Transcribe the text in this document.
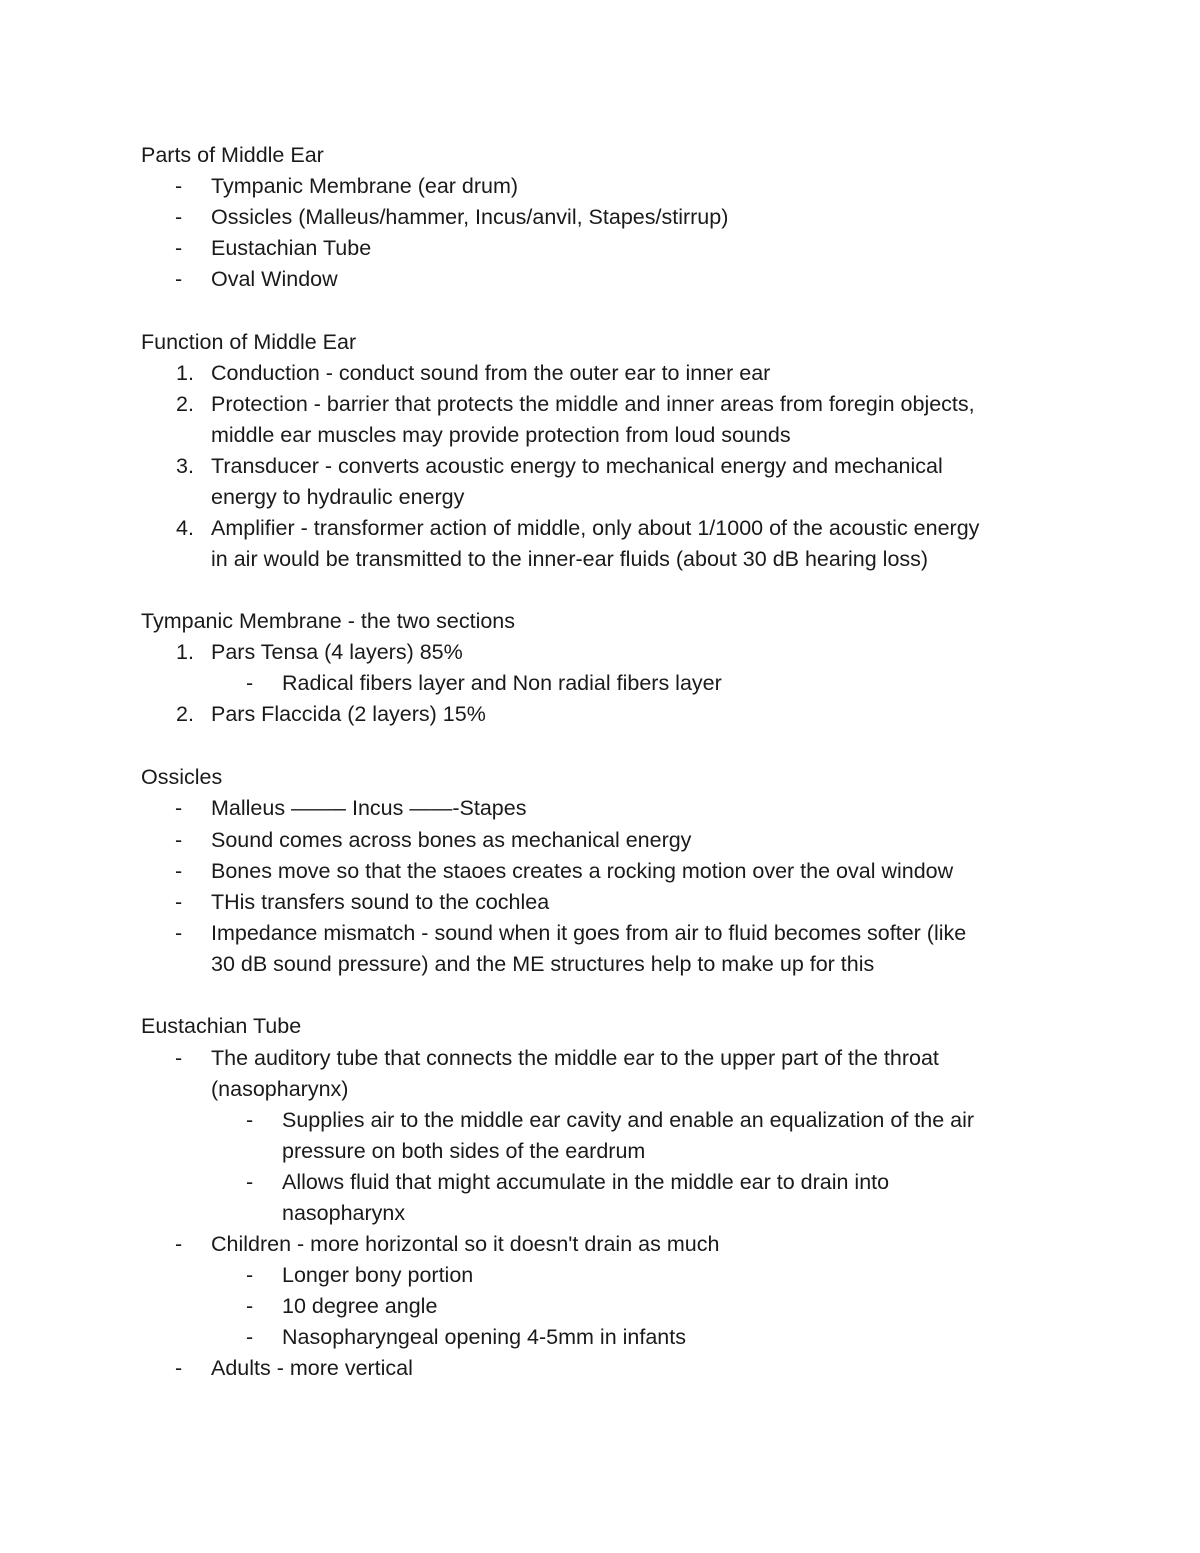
Parts of Middle Ear
- Tympanic Membrane (ear drum)
- Ossicles (Malleus/hammer, Incus/anvil, Stapes/stirrup)
- Eustachian Tube
- Oval Window
Function of Middle Ear
1. Conduction - conduct sound from the outer ear to inner ear
2. Protection - barrier that protects the middle and inner areas from foregin objects,
middle ear muscles may provide protection from loud sounds
3. Transducer - converts acoustic energy to mechanical energy and mechanical
energy to hydraulic energy
4. Amplifier - transformer action of middle, only about 1/1000 of the acoustic energy
in air would be transmitted to the inner-ear fluids (about 30 dB hearing loss)
Tympanic Membrane - the two sections
1. Pars Tensa (4 layers) 85%
- Radical fibers layer and Non radial fibers layer
2. Pars Flaccida (2 layers) 15%
Ossicles
- Malleus ——– Incus ——-Stapes
- Sound comes across bones as mechanical energy
- Bones move so that the staoes creates a rocking motion over the oval window
- THis transfers sound to the cochlea
- Impedance mismatch - sound when it goes from air to fluid becomes softer (like
30 dB sound pressure) and the ME structures help to make up for this
Eustachian Tube
- The auditory tube that connects the middle ear to the upper part of the throat
(nasopharynx)
- Supplies air to the middle ear cavity and enable an equalization of the air
pressure on both sides of the eardrum
- Allows fluid that might accumulate in the middle ear to drain into
nasopharynx
- Children - more horizontal so it doesn't drain as much
- Longer bony portion
- 10 degree angle
- Nasopharyngeal opening 4-5mm in infants
- Adults - more vertical
